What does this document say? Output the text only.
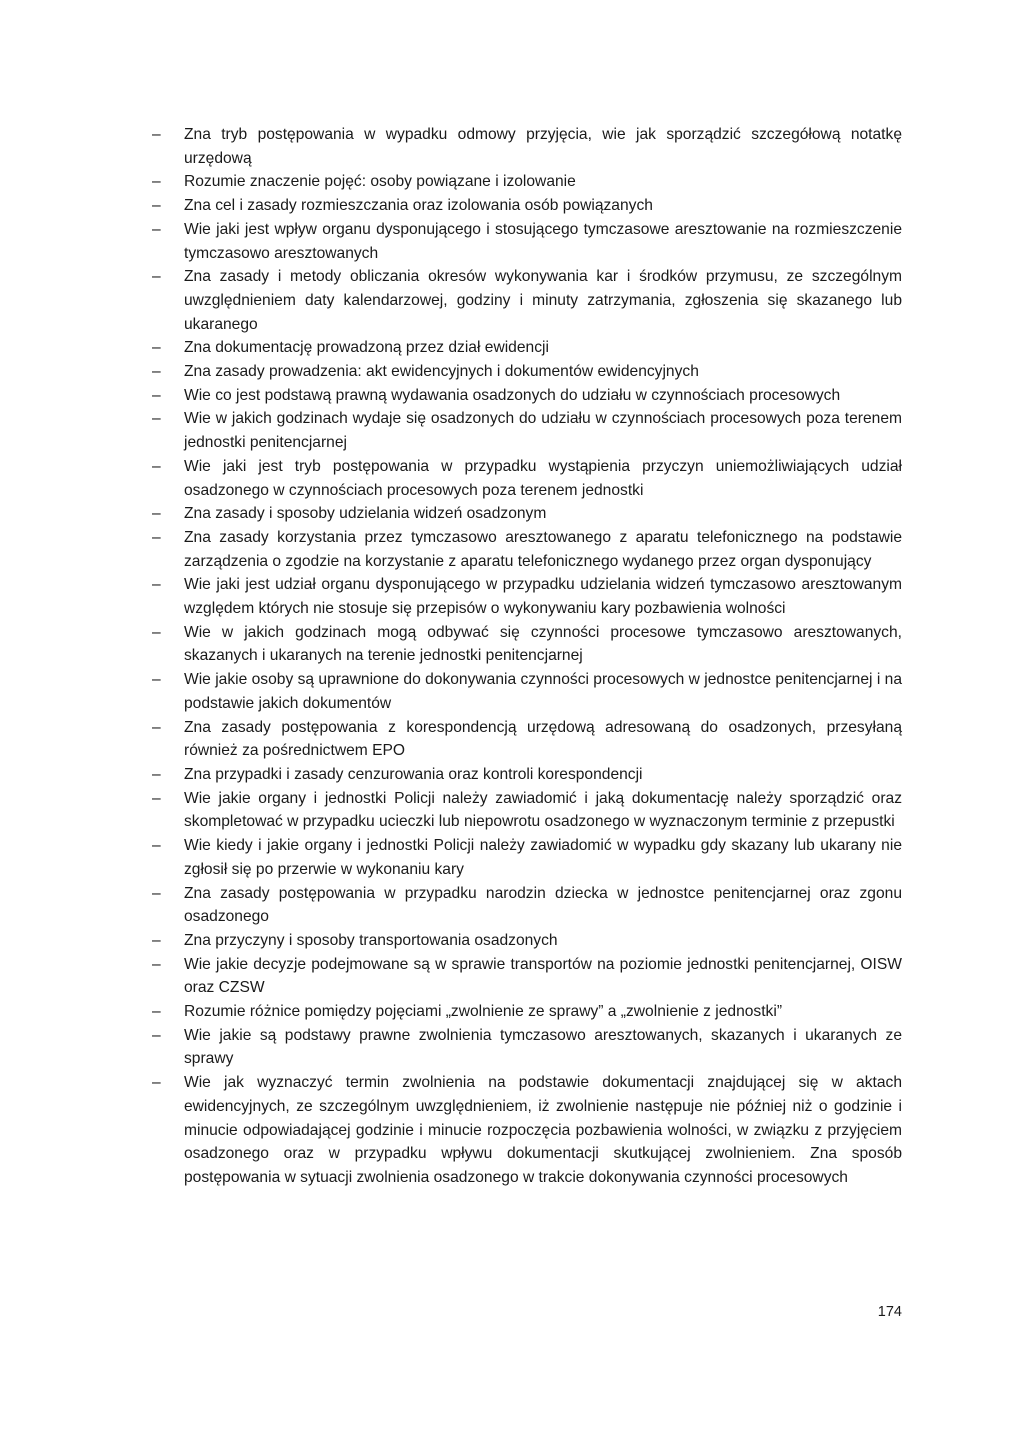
–	Zna tryb postępowania w wypadku odmowy przyjęcia, wie jak sporządzić szczegółową notatkę urzędową
–	Rozumie znaczenie pojęć: osoby powiązane i izolowanie
–	Zna cel i zasady rozmieszczania oraz izolowania osób powiązanych
–	Wie jaki jest wpływ organu dysponującego i stosującego tymczasowe aresztowanie na rozmieszczenie tymczasowo aresztowanych
–	Zna zasady i metody obliczania okresów wykonywania kar i środków przymusu, ze szczególnym uwzględnieniem daty kalendarzowej, godziny i minuty zatrzymania, zgłoszenia się skazanego lub ukaranego
–	Zna dokumentację prowadzoną przez dział ewidencji
–	Zna zasady prowadzenia: akt ewidencyjnych i dokumentów ewidencyjnych
–	Wie co jest podstawą prawną wydawania osadzonych do udziału w czynnościach procesowych
–	Wie w jakich godzinach wydaje się osadzonych do udziału w czynnościach procesowych poza terenem jednostki penitencjarnej
–	Wie jaki jest tryb postępowania w przypadku wystąpienia przyczyn uniemożliwiających udział osadzonego w czynnościach procesowych poza terenem jednostki
–	Zna zasady i sposoby udzielania widzeń osadzonym
–	Zna zasady korzystania przez tymczasowo aresztowanego z aparatu telefonicznego na podstawie zarządzenia o zgodzie na korzystanie z aparatu telefonicznego wydanego przez organ dysponujący
–	Wie jaki jest udział organu dysponującego w przypadku udzielania widzeń tymczasowo aresztowanym względem których nie stosuje się przepisów o wykonywaniu kary pozbawienia wolności
–	Wie w jakich godzinach mogą odbywać się czynności procesowe tymczasowo aresztowanych, skazanych i ukaranych na terenie jednostki penitencjarnej
–	Wie jakie osoby są uprawnione do dokonywania czynności procesowych w jednostce penitencjarnej i na podstawie jakich dokumentów
–	Zna zasady postępowania z korespondencją urzędową adresowaną do osadzonych, przesyłaną również za pośrednictwem EPO
–	Zna przypadki i zasady cenzurowania oraz kontroli korespondencji
–	Wie jakie organy i jednostki Policji należy zawiadomić i jaką dokumentację należy sporządzić oraz skompletować w przypadku ucieczki lub niepowrotu osadzonego w wyznaczonym terminie z przepustki
–	Wie kiedy i jakie organy i jednostki Policji należy zawiadomić w wypadku gdy skazany lub ukarany nie zgłosił się po przerwie w wykonaniu kary
–	Zna zasady postępowania w przypadku narodzin dziecka w jednostce penitencjarnej oraz zgonu osadzonego
–	Zna przyczyny i sposoby transportowania osadzonych
–	Wie jakie decyzje podejmowane są w sprawie transportów na poziomie jednostki penitencjarnej, OISW oraz CZSW
–	Rozumie różnice pomiędzy pojęciami „zwolnienie ze sprawy” a „zwolnienie z jednostki”
–	Wie jakie są podstawy prawne zwolnienia tymczasowo aresztowanych, skazanych i ukaranych ze sprawy
–	Wie jak wyznaczyć termin zwolnienia na podstawie dokumentacji znajdującej się w aktach ewidencyjnych, ze szczególnym uwzględnieniem, iż zwolnienie następuje nie później niż o godzinie i minucie odpowiadającej godzinie i minucie rozpoczęcia pozbawienia wolności, w związku z przyjęciem osadzonego oraz w przypadku wpływu dokumentacji skutkującej zwolnieniem. Zna sposób postępowania w sytuacji zwolnienia osadzonego w trakcie dokonywania czynności procesowych
174
